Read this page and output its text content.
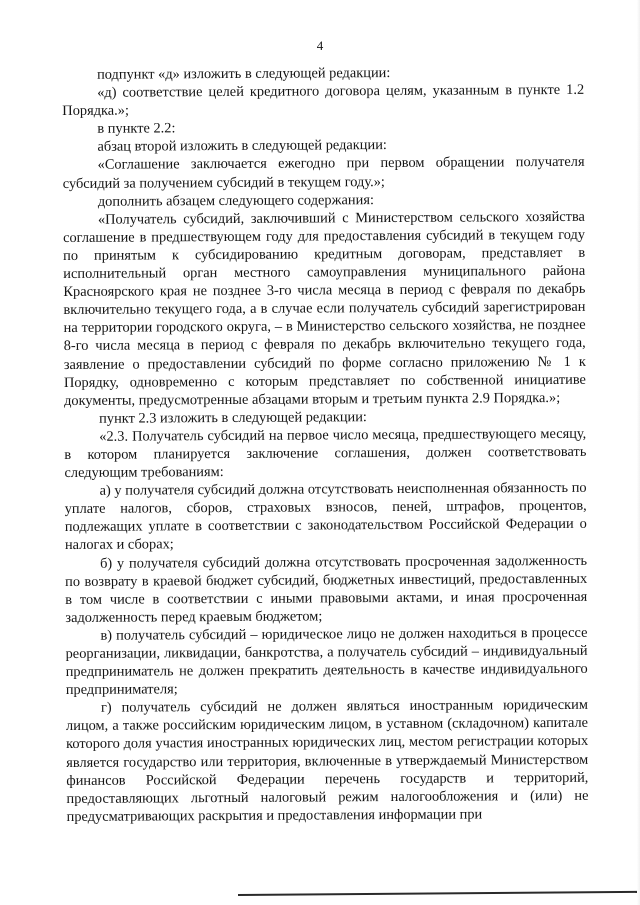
4

подпункт «д» изложить в следующей редакции:

«д) соответствие целей кредитного договора целям, указанным в пункте 1.2 Порядка.»;

в пункте 2.2:

абзац второй изложить в следующей редакции:

«Соглашение заключается ежегодно при первом обращении получателя субсидий за получением субсидий в текущем году.»;

дополнить абзацем следующего содержания:

«Получатель субсидий, заключивший с Министерством сельского хозяйства соглашение в предшествующем году для предоставления субсидий в текущем году по принятым к субсидированию кредитным договорам, представляет в исполнительный орган местного самоуправления муниципального района Красноярского края не позднее 3-го числа месяца в период с февраля по декабрь включительно текущего года, а в случае если получатель субсидий зарегистрирован на территории городского округа, – в Министерство сельского хозяйства, не позднее 8-го числа месяца в период с февраля по декабрь включительно текущего года, заявление о предоставлении субсидий по форме согласно приложению № 1 к Порядку, одновременно с которым представляет по собственной инициативе документы, предусмотренные абзацами вторым и третьим пункта 2.9 Порядка.»;

пункт 2.3 изложить в следующей редакции:

«2.3. Получатель субсидий на первое число месяца, предшествующего месяцу, в котором планируется заключение соглашения, должен соответствовать следующим требованиям:

а) у получателя субсидий должна отсутствовать неисполненная обязанность по уплате налогов, сборов, страховых взносов, пеней, штрафов, процентов, подлежащих уплате в соответствии с законодательством Российской Федерации о налогах и сборах;

б) у получателя субсидий должна отсутствовать просроченная задолженность по возврату в краевой бюджет субсидий, бюджетных инвестиций, предоставленных в том числе в соответствии с иными правовыми актами, и иная просроченная задолженность перед краевым бюджетом;

в) получатель субсидий – юридическое лицо не должен находиться в процессе реорганизации, ликвидации, банкротства, а получатель субсидий – индивидуальный предприниматель не должен прекратить деятельность в качестве индивидуального предпринимателя;

г) получатель субсидий не должен являться иностранным юридическим лицом, а также российским юридическим лицом, в уставном (складочном) капитале которого доля участия иностранных юридических лиц, местом регистрации которых является государство или территория, включенные в утверждаемый Министерством финансов Российской Федерации перечень государств и территорий, предоставляющих льготный налоговый режим налогообложения и (или) не предусматривающих раскрытия и предоставления информации при
